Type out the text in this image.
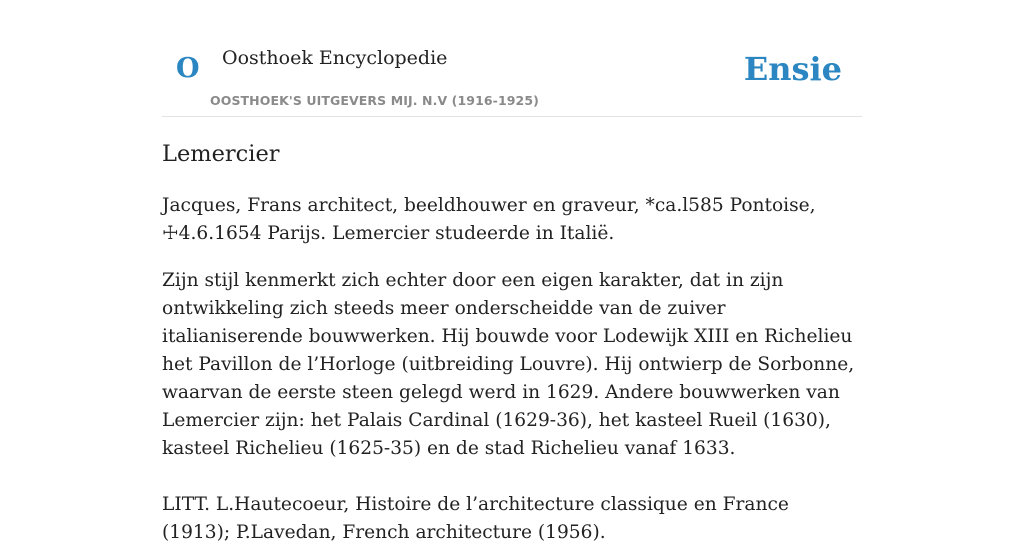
O Oosthoek Encyclopedie
OOSTHOEK'S UITGEVERS MIJ. N.V (1916-1925)
Ensie
Lemercier

Jacques, Frans architect, beeldhouwer en graveur, *ca.l585 Pontoise, ☩4.6.1654 Parijs. Lemercier studeerde in Italië.

Zijn stijl kenmerkt zich echter door een eigen karakter, dat in zijn ontwikkeling zich steeds meer onderscheidde van de zuiver italianiserende bouwwerken. Hij bouwde voor Lodewijk XIII en Richelieu het Pavillon de l’Horloge (uitbreiding Louvre). Hij ontwierp de Sorbonne, waarvan de eerste steen gelegd werd in 1629. Andere bouwwerken van Lemercier zijn: het Palais Cardinal (1629-36), het kasteel Rueil (1630), kasteel Richelieu (1625-35) en de stad Richelieu vanaf 1633.

LITT. L.Hautecoeur, Histoire de l’architecture classique en France (1913); P.Lavedan, French architecture (1956).
